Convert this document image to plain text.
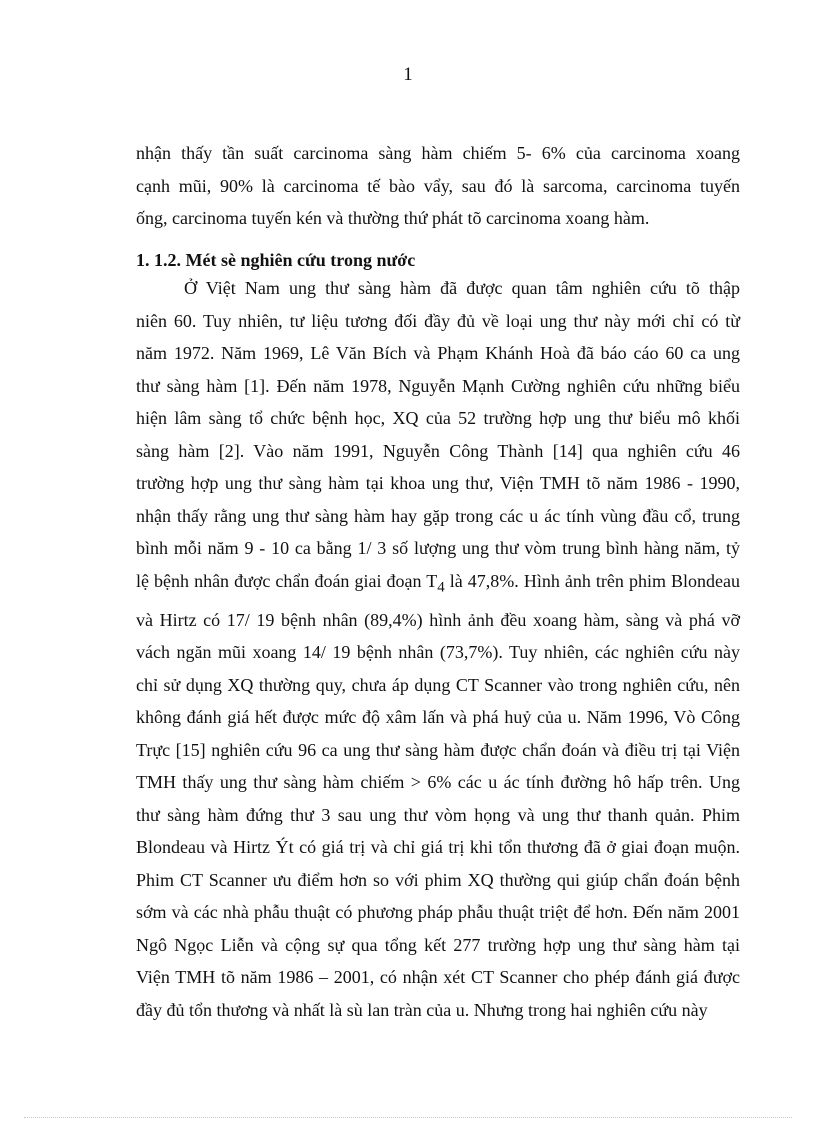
1
nhận thấy tần suất carcinoma sàng hàm chiếm 5- 6% của carcinoma xoang
cạnh mũi, 90% là carcinoma tế bào vẩy, sau đó là sarcoma, carcinoma tuyến
ống, carcinoma tuyến kén và thường thứ phát tõ carcinoma xoang hàm.
1. 1.2. Mét sè nghiên cứu trong nước
Ở Việt Nam ung thư sàng hàm đã được quan tâm nghiên cứu tõ thập
niên 60. Tuy nhiên, tư liệu tương đối đầy đủ về loại ung thư này mới chỉ có từ
năm 1972. Năm 1969, Lê Văn Bích và Phạm Khánh Hoà đã báo cáo 60 ca ung
thư sàng hàm [1]. Đến năm 1978, Nguyễn Mạnh Cường nghiên cứu những biểu
hiện lâm sàng tổ chức bệnh học, XQ của 52 trường hợp ung thư biểu mô khối
sàng hàm [2]. Vào năm 1991, Nguyễn Công Thành [14] qua nghiên cứu 46
trường hợp ung thư sàng hàm tại khoa ung thư, Viện TMH tõ năm 1986 - 1990,
nhận thấy rằng ung thư sàng hàm hay gặp trong các u ác tính vùng đầu cổ, trung
bình mỗi năm 9 - 10 ca bằng 1/ 3 số lượng ung thư vòm trung bình hàng năm, tỷ
lệ bệnh nhân được chẩn đoán giai đoạn $T_4$ là 47,8%. Hình ảnh trên phim Blondeau
và Hirtz có 17/ 19 bệnh nhân (89,4%) hình ảnh đều xoang hàm, sàng và phá vỡ
vách ngăn mũi xoang 14/ 19 bệnh nhân (73,7%). Tuy nhiên, các nghiên cứu này
chỉ sử dụng XQ thường quy, chưa áp dụng CT Scanner vào trong nghiên cứu, nên
không đánh giá hết được mức độ xâm lấn và phá huỷ của u. Năm 1996, Vò Công
Trực [15] nghiên cứu 96 ca ung thư sàng hàm được chẩn đoán và điều trị tại Viện
TMH thấy ung thư sàng hàm chiếm > 6% các u ác tính đường hô hấp trên. Ung
thư sàng hàm đứng thư 3 sau ung thư vòm họng và ung thư thanh quản. Phim
Blondeau và Hirtz Ýt có giá trị và chỉ giá trị khi tổn thương đã ở giai đoạn muộn.
Phim CT Scanner ưu điểm hơn so với phim XQ thường qui giúp chẩn đoán bệnh
sớm và các nhà phẫu thuật có phương pháp phẫu thuật triệt để hơn. Đến năm 2001
Ngô Ngọc Liễn và cộng sự qua tổng kết 277 trường hợp ung thư sàng hàm tại
Viện TMH tõ năm 1986 – 2001, có nhận xét CT Scanner cho phép đánh giá được
đầy đủ tổn thương và nhất là sù lan tràn của u. Nhưng trong hai nghiên cứu này
